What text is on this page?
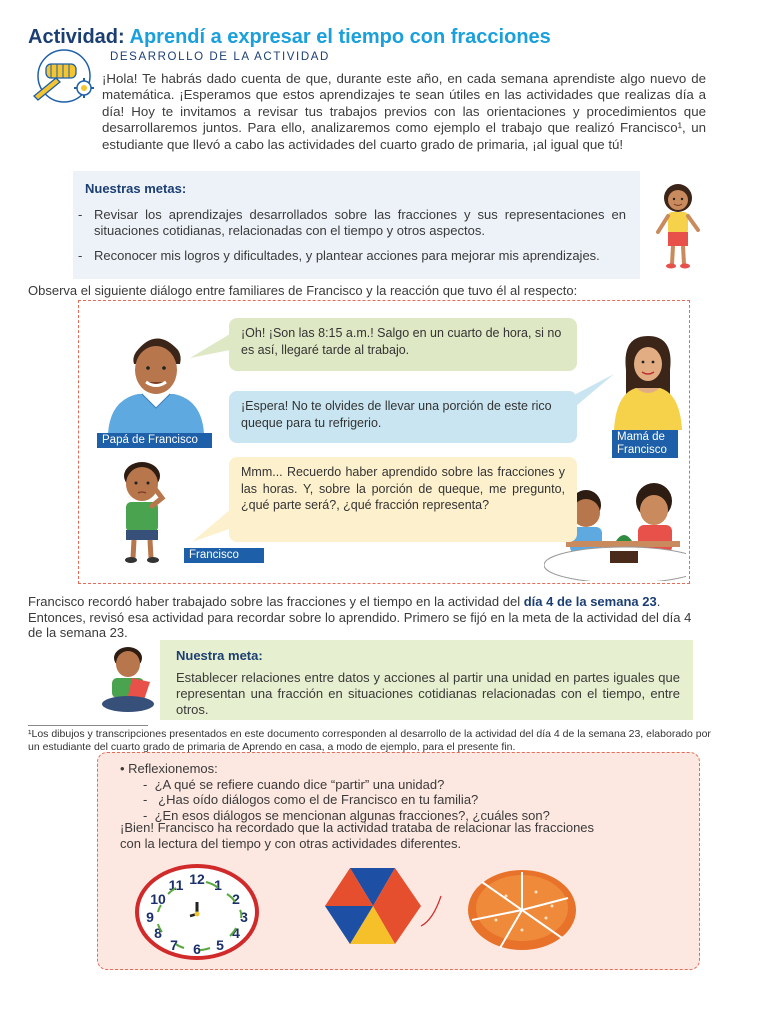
Actividad: Aprendí a expresar el tiempo con fracciones
DESARROLLO DE LA ACTIVIDAD
¡Hola! Te habrás dado cuenta de que, durante este año, en cada semana aprendiste algo nuevo de matemática. ¡Esperamos que estos aprendizajes te sean útiles en las actividades que realizas día a día! Hoy te invitamos a revisar tus trabajos previos con las orientaciones y procedimientos que desarrollaremos juntos. Para ello, analizaremos como ejemplo el trabajo que realizó Francisco¹, un estudiante que llevó a cabo las actividades del cuarto grado de primaria, ¡al igual que tú!
Nuestras metas:
- Revisar los aprendizajes desarrollados sobre las fracciones y sus representaciones en situaciones cotidianas, relacionadas con el tiempo y otros aspectos.
- Reconocer mis logros y dificultades, y plantear acciones para mejorar mis aprendizajes.
Observa el siguiente diálogo entre familiares de Francisco y la reacción que tuvo él al respecto:
¡Oh! ¡Son las 8:15 a.m.! Salgo en un cuarto de hora, si no es así, llegaré tarde al trabajo.
¡Espera! No te olvides de llevar una porción de este rico queque para tu refrigerio.
Mmm... Recuerdo haber aprendido sobre las fracciones y las horas. Y, sobre la porción de queque, me pregunto, ¿qué parte será?, ¿qué fracción representa?
Papá de Francisco	Mamá de Francisco
Francisco
Francisco recordó haber trabajado sobre las fracciones y el tiempo en la actividad del día 4 de la semana 23. Entonces, revisó esa actividad para recordar sobre lo aprendido. Primero se fijó en la meta de la actividad del día 4 de la semana 23.
Nuestra meta:
Establecer relaciones entre datos y acciones al partir una unidad en partes iguales que representan una fracción en situaciones cotidianas relacionadas con el tiempo, entre otros.
¹Los dibujos y transcripciones presentados en este documento corresponden al desarrollo de la actividad del día 4 de la semana 23, elaborado por un estudiante del cuarto grado de primaria de Aprendo en casa, a modo de ejemplo, para el presente fin.
• Reflexionemos:
-  ¿A qué se refiere cuando dice “partir” una unidad?
-   ¿Has oído diálogos como el de Francisco en tu familia?
-  ¿En esos diálogos se mencionan algunas fracciones?, ¿cuáles son?
¡Bien! Francisco ha recordado que la actividad trataba de relacionar las fracciones
con la lectura del tiempo y con otras actividades diferentes.
12 1
2
3
4
5
6
7
8
9
10
11
